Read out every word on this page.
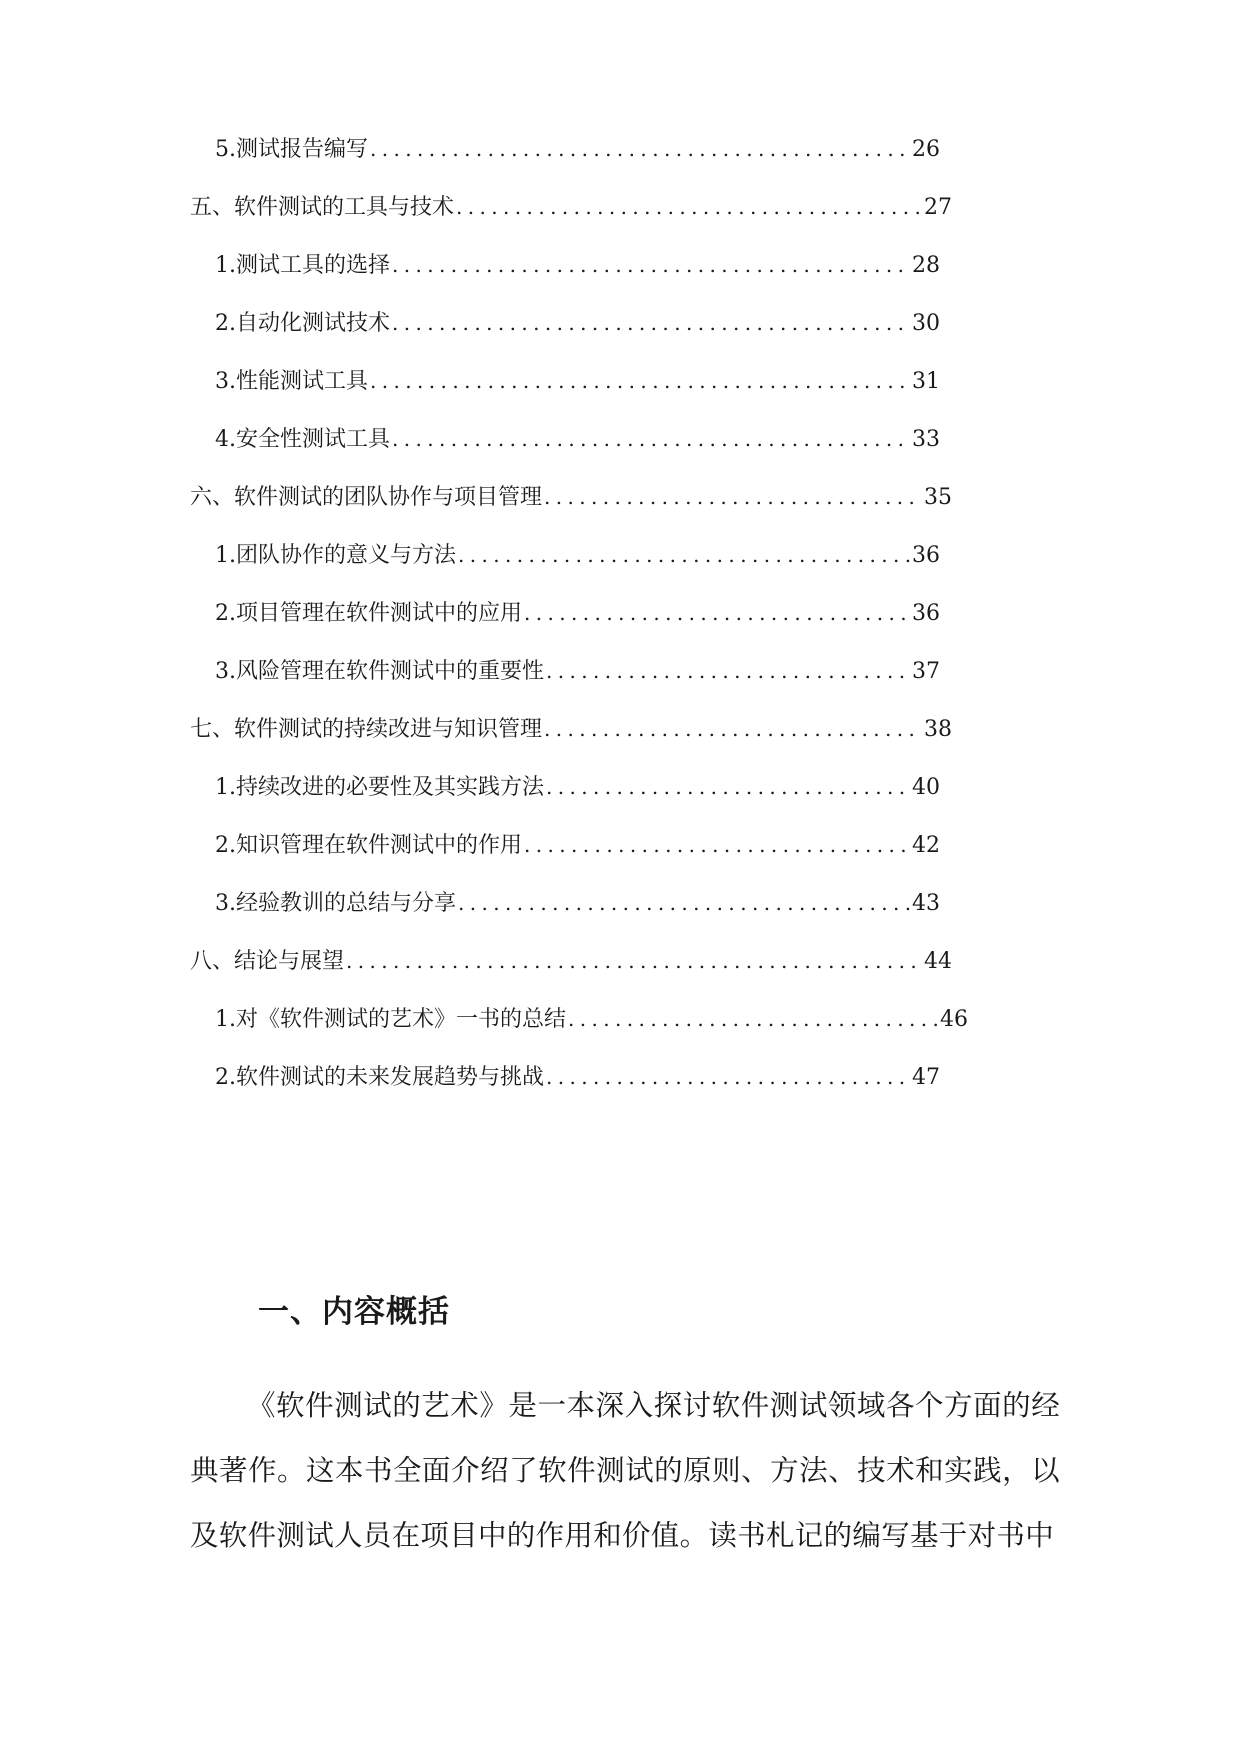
5. 测试报告编写 .....	26
五、软件测试的工具与技术 .....	27
1. 测试工具的选择 .....	28
2. 自动化测试技术 .....	30
3. 性能测试工具 .....	31
4. 安全性测试工具 .....	33
六、软件测试的团队协作与项目管理 .....	35
1. 团队协作的意义与方法 .....	36
2. 项目管理在软件测试中的应用 .....	36
3. 风险管理在软件测试中的重要性 .....	37
七、软件测试的持续改进与知识管理 .....	38
1. 持续改进的必要性及其实践方法 .....	40
2. 知识管理在软件测试中的作用 .....	42
3. 经验教训的总结与分享 .....	43
八、结论与展望 .....	44
1. 对《软件测试的艺术》一书的总结 .....	46
2. 软件测试的未来发展趋势与挑战 .....	47
一、内容概括
《软件测试的艺术》是一本深入探讨软件测试领域各个方面的经典著作。这本书全面介绍了软件测试的原则、方法、技术和实践，以及软件测试人员在项目中的作用和价值。读书札记的编写基于对书中
